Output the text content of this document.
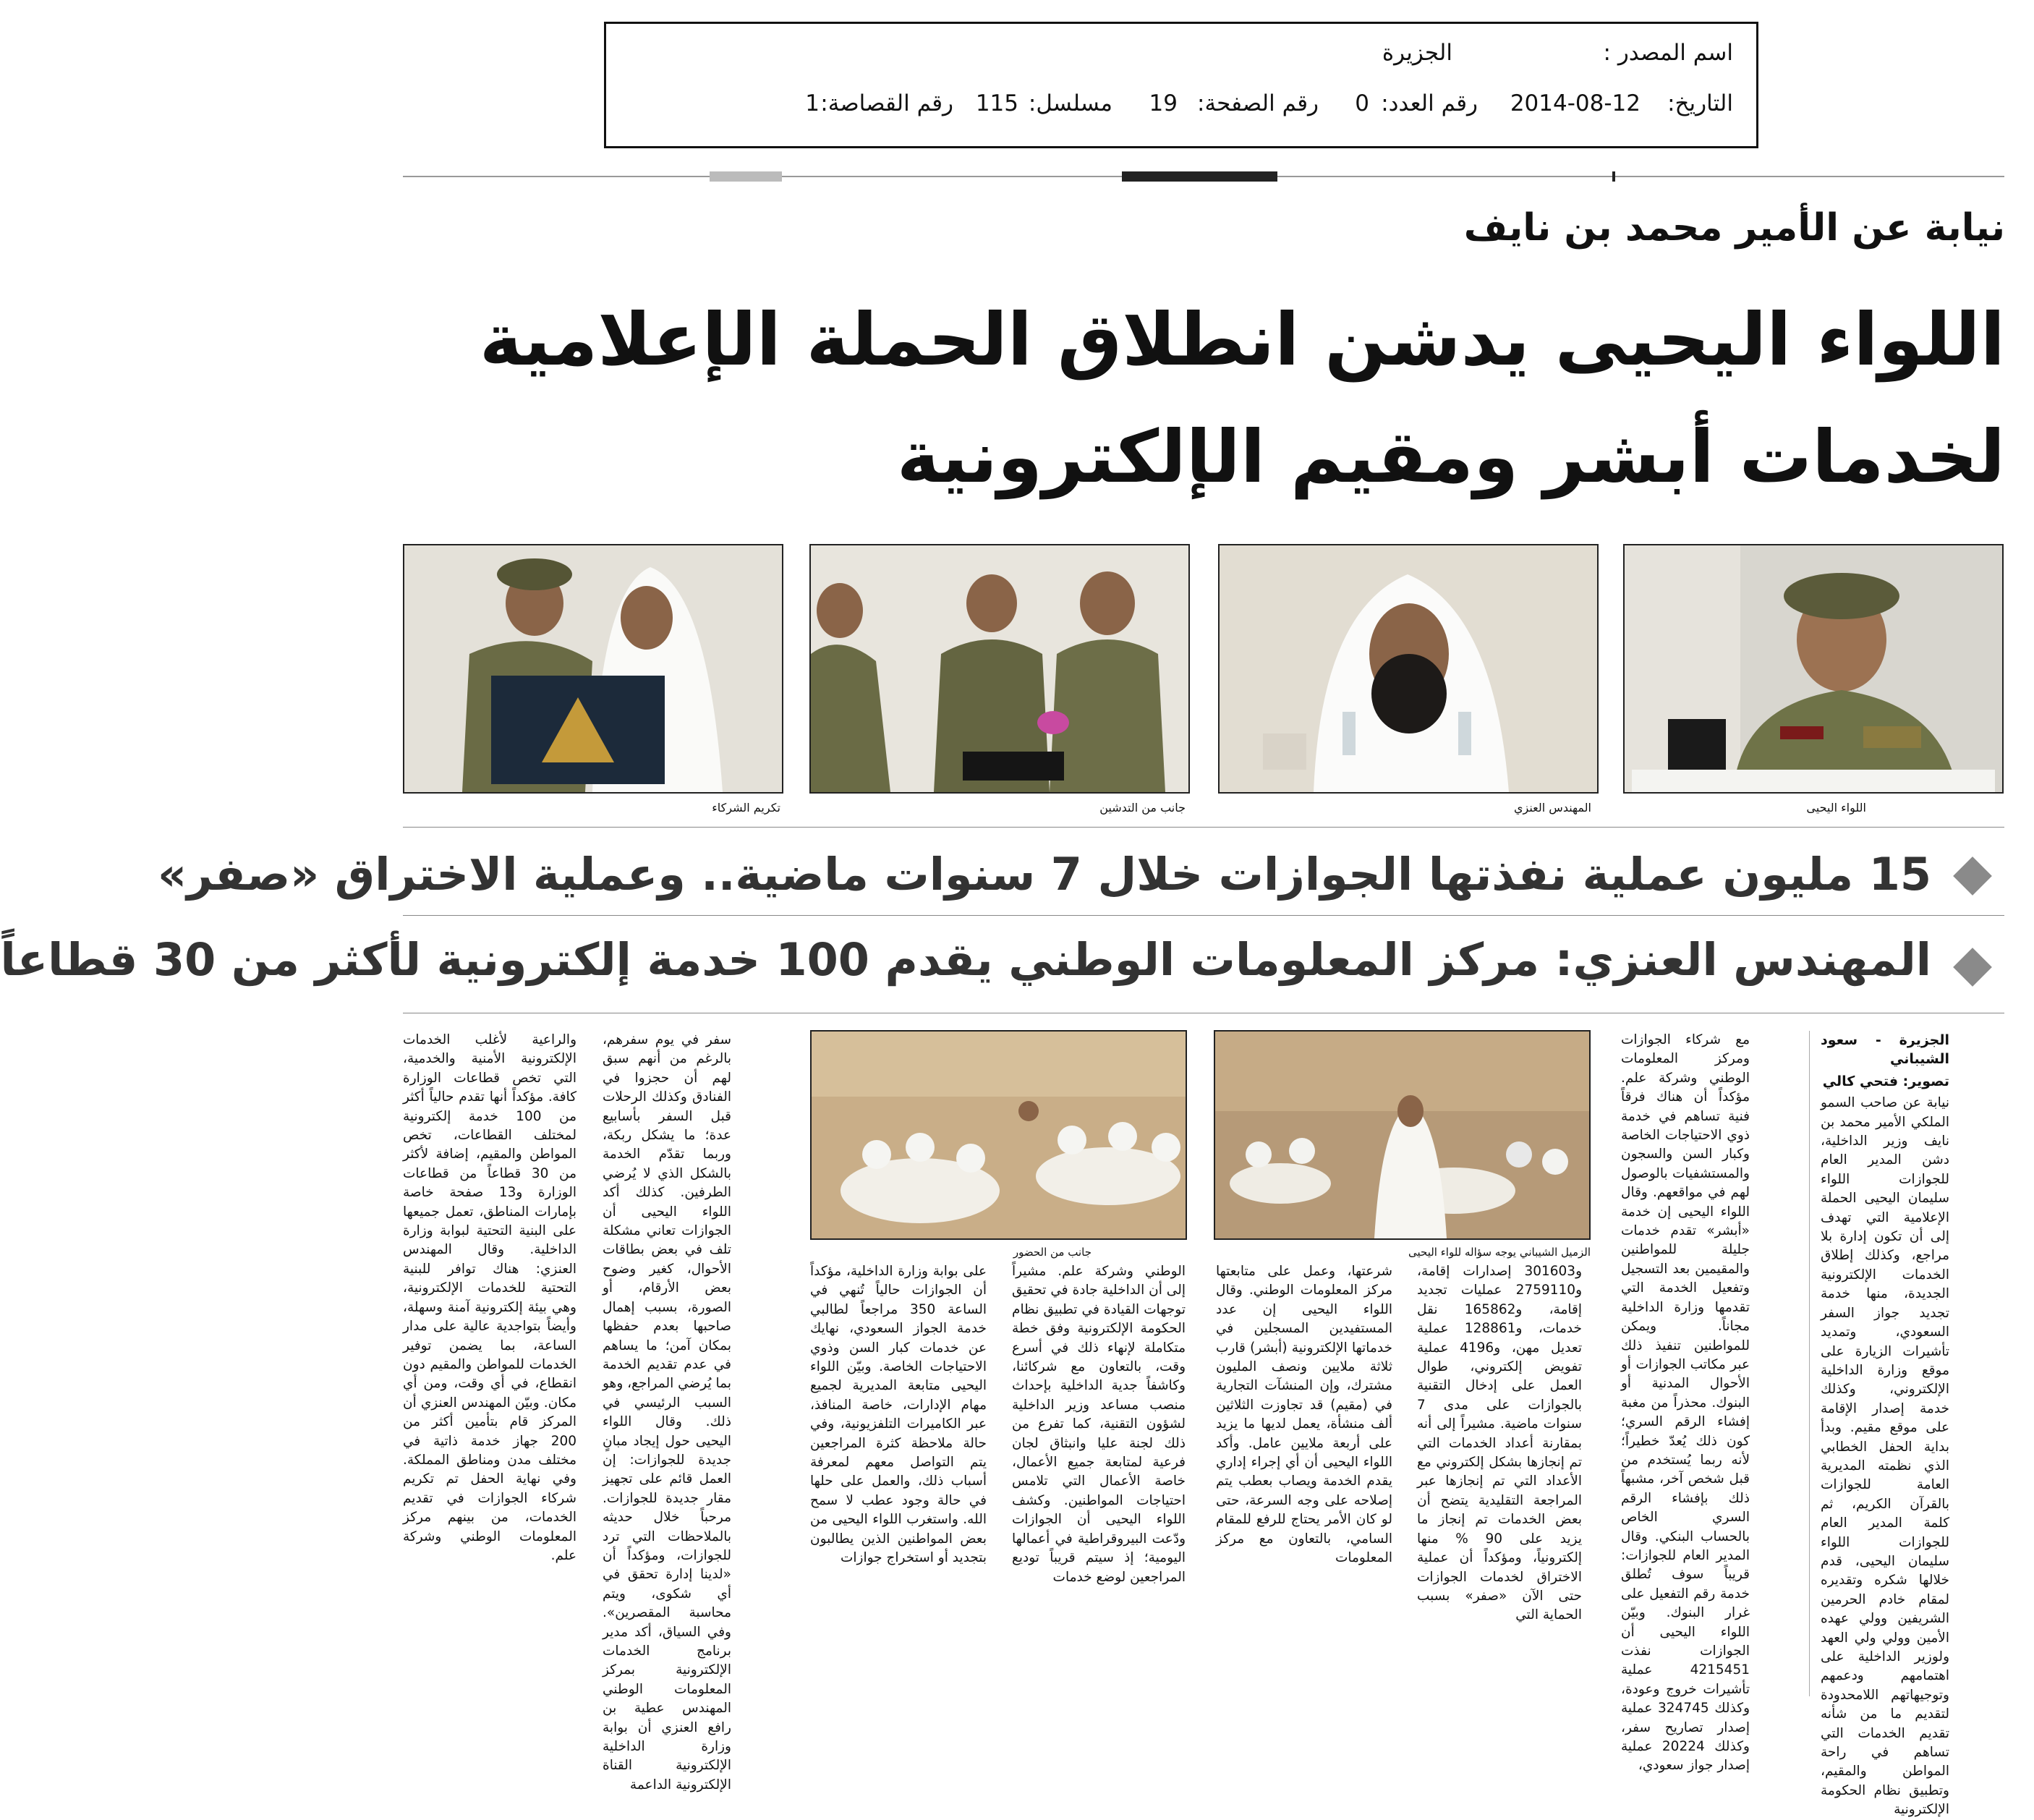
اسم المصدر :
الجزيرة
التاريخ:
2014-08-12
رقم العدد:
0
رقم الصفحة:
19
مسلسل:
115
رقم القصاصة:
1
نيابة عن الأمير محمد بن نايف
اللواء اليحيى يدشن انطلاق الحملة الإعلامية
لخدمات أبشر ومقيم الإلكترونية
اللواء اليحيى
المهندس العنزي
جانب من التدشين
تكريم الشركاء
15 مليون عملية نفذتها الجوازات خلال 7 سنوات ماضية.. وعملية الاختراق «صفر»
المهندس العنزي: مركز المعلومات الوطني يقدم 100 خدمة إلكترونية لأكثر من 30 قطاعاً
الزميل الشيباني يوجه سؤاله للواء اليحيى
جانب من الحضور

الجزيرة - سعود الشيباني

تصوير: فتحي كالي

نيابة عن صاحب السمو الملكي الأمير محمد بن نايف وزير الداخلية، دشن المدير العام للجوازات اللواء سليمان اليحيى الحملة الإعلامية التي تهدف إلى أن تكون إدارة بلا مراجع، وكذلك إطلاق الخدمات الإلكترونية الجديدة، منها خدمة تجديد جواز السفر السعودي، وتمديد تأشيرات الزيارة على موقع وزارة الداخلية الإلكتروني، وكذلك خدمة إصدار الإقامة على موقع مقيم. وبدأ بداية الحفل الخطابي الذي نظمته المديرية العامة للجوازات بالقرآن الكريم، ثم كلمة المدير العام للجوازات اللواء سليمان اليحيى، قدم خلالها شكره وتقديره لمقام خادم الحرمين الشريفين وولي عهده الأمين وولي ولي العهد ولوزير الداخلية على اهتمامهم ودعمهم وتوجيهاتهم اللامحدودة لتقديم ما من شأنه تقديم الخدمات التي تساهم في راحة المواطن والمقيم، وتطبيق نظام الحكومة الإلكترونية

مع شركاء الجوازات ومركز المعلومات الوطني وشركة علم. مؤكداً أن هناك فرقاً فنية تساهم في خدمة ذوي الاحتياجات الخاصة وكبار السن والسجون والمستشفيات بالوصول لهم في مواقعهم. وقال اللواء اليحيى إن خدمة «أبشر» تقدم خدمات جليلة للمواطنين والمقيمين بعد التسجيل وتفعيل الخدمة التي تقدمها وزارة الداخلية مجاناً. ويمكن للمواطنين تنفيذ ذلك عبر مكاتب الجوازات أو الأحوال المدنية أو البنوك. محذراً من مغبة إفشاء الرقم السري؛ كون ذلك يُعدّ خطيراً؛ لأنه ربما يُستخدم من قبل شخص آخر، مشبهاً ذلك بإفشاء الرقم السري الخاص بالحساب البنكي. وقال المدير العام للجوازات: قريباً سوف تُطلق خدمة رقم التفعيل على غرار البنوك. وبيّن اللواء اليحيى أن الجوازات نفذت 4215451 عملية تأشيرات خروج وعودة، وكذلك 324745 عملية إصدار تصاريح سفر، وكذلك 20224 عملية إصدار جواز سعودي،

و301603 إصدارات إقامة، و2759110 عمليات تجديد إقامة، و165862 نقل خدمات، و128861 عملية تعديل مهن، و4196 عملية تفويض إلكتروني، طوال العمل على إدخال التقنية بالجوازات على مدى 7 سنوات ماضية. مشيراً إلى أنه بمقارنة أعداد الخدمات التي تم إنجازها بشكل إلكتروني مع الأعداد التي تم إنجازها عبر المراجعة التقليدية يتضح أن بعض الخدمات تم إنجاز ما يزيد على 90 % منها إلكترونياً، ومؤكداً أن عملية الاختراق لخدمات الجوازات حتى الآن «صفر» بسبب الحماية التي

شرعتها، وعمل على متابعتها مركز المعلومات الوطني. وقال اللواء اليحيى إن عدد المستفيدين المسجلين في خدماتها الإلكترونية (أبشر) قارب ثلاثة ملايين ونصف المليون مشترك، وإن المنشآت التجارية في (مقيم) قد تجاوزت الثلاثين ألف منشأة، يعمل لديها ما يزيد على أربعة ملايين عامل. وأكد اللواء اليحيى أن أي إجراء إداري يقدم الخدمة ويصاب بعطب يتم إصلاحه على وجه السرعة، حتى لو كان الأمر يحتاج للرفع للمقام السامي، بالتعاون مع مركز المعلومات

الوطني وشركة علم. مشيراً إلى أن الداخلية جادة في تحقيق توجهات القيادة في تطبيق نظام الحكومة الإلكترونية وفق خطة متكاملة لإنهاء ذلك في أسرع وقت، بالتعاون مع شركائنا، وكاشفاً جدية الداخلية بإحداث منصب مساعد وزير الداخلية لشؤون التقنية، كما تفرع من ذلك لجنة عليا وانبثاق لجان فرعية لمتابعة جميع الأعمال، خاصة الأعمال التي تلامس احتياجات المواطنين. وكشف اللواء اليحيى أن الجوازات ودّعت البيروقراطية في أعمالها اليومية؛ إذ سيتم قريباً توديع المراجعين لوضع خدمات

على بوابة وزارة الداخلية، مؤكداً أن الجوازات حالياً تُنهي في الساعة 350 مراجعاً لطالبي خدمة الجواز السعودي، نهايك عن خدمات كبار السن وذوي الاحتياجات الخاصة. وبيّن اللواء اليحيى متابعة المديرية لجميع مهام الإدارات، خاصة المنافذ، عبر الكاميرات التلفزيونية، وفي حالة ملاحظة كثرة المراجعين يتم التواصل معهم لمعرفة أسباب ذلك، والعمل على حلها في حالة وجود عطب لا سمح الله. واستغرب اللواء اليحيى من بعض المواطنين الذين يطالبون بتجديد أو استخراج جوازات

سفر في يوم سفرهم، بالرغم من أنهم سبق لهم أن حجزوا في الفنادق وكذلك الرحلات قبل السفر بأسابيع عدة؛ ما يشكل ربكة، وربما تقدّم الخدمة بالشكل الذي لا يُرضي الطرفين. كذلك أكد اللواء اليحيى أن الجوازات تعاني مشكلة تلف في بعض بطاقات الأحوال، كغير وضوح بعض الأرقام، أو الصورة، بسبب إهمال صاحبها بعدم حفظها بمكان آمن؛ ما يساهم في عدم تقديم الخدمة بما يُرضي المراجع، وهو السبب الرئيسي في ذلك. وقال اللواء اليحيى حول إيجاد مبانٍ جديدة للجوازات: إن العمل قائم على تجهيز مقار جديدة للجوازات. مرحباً خلال حديثه بالملاحظات التي ترد للجوازات، ومؤكداً أن «لدينا إدارة تحقق في أي شكوى، ويتم محاسبة المقصرين». وفي السياق، أكد مدير برنامج الخدمات الإلكترونية بمركز المعلومات الوطني المهندس عطية بن رافع العنزي أن بوابة وزارة الداخلية الإلكترونية القناة الإلكترونية الداعمة

والراعية لأغلب الخدمات الإلكترونية الأمنية والخدمية، التي تخص قطاعات الوزارة كافة. مؤكداً أنها تقدم حالياً أكثر من 100 خدمة إلكترونية لمختلف القطاعات، تخص المواطن والمقيم، إضافة لأكثر من 30 قطاعاً من قطاعات الوزارة و13 صفحة خاصة بإمارات المناطق، تعمل جميعها على البنية التحتية لبوابة وزارة الداخلية. وقال المهندس العنزي: هناك توافر للبنية التحتية للخدمات الإلكترونية، وهي بيئة إلكترونية آمنة وسهلة، وأيضاً بتواجدية عالية على مدار الساعة، بما يضمن توفير الخدمات للمواطن والمقيم دون انقطاع، في أي وقت، ومن أي مكان. وبيّن المهندس العنزي أن المركز قام بتأمين أكثر من 200 جهاز خدمة ذاتية في مختلف مدن ومناطق المملكة. وفي نهاية الحفل تم تكريم شركاء الجوازات في تقديم الخدمات، من بينهم مركز المعلومات الوطني وشركة علم.
